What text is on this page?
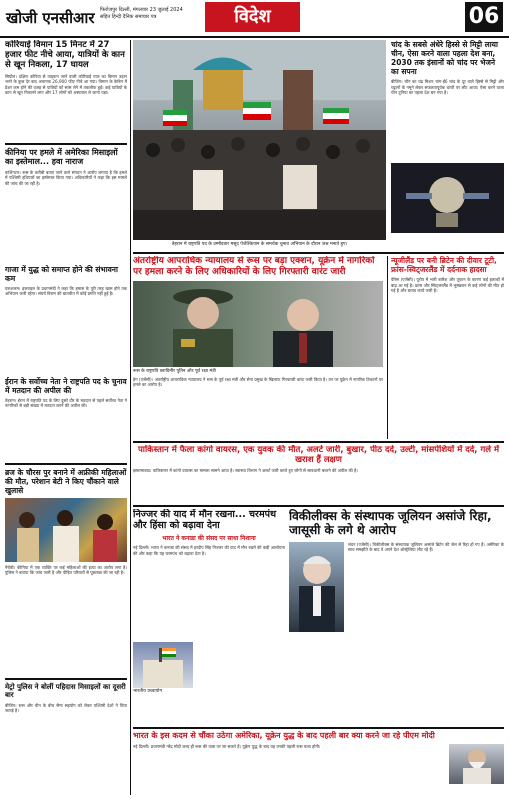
खोजी एनसीआर फिरोजपुर दिल्ली, मंगलवार 23 जुलाई 2024
सहित हिन्दी दैनिक समाचार पत्र	विदेश	06
कोरियाई विमान 15 मिनट में 27 हजार फीट नीचे आया, यात्रियों के कान से खून निकला, 17 घायल
सियोल। दक्षिण कोरिया से ताइवान जाने वाली कोरियाई एयर का विमान उड़ान भरने के कुछ देर बाद अचानक 26,900 फीट नीचे आ गया। विमान के केबिन में प्रेशर कम होने की वजह से यात्रियों को सांस लेने में तकलीफ हुई। कई यात्रियों के कान से खून निकलने लगा और 17 लोगों को अस्पताल ले जाना पड़ा।
कीनिया पर हमले में अमेरिका मिसाइलों का इस्तेमाल... हवा नाराज
वाशिंगटन। रूस के करीबी बताए जाने वाले संगठन ने आरोप लगाया है कि हमले में पश्चिमी हथियारों का इस्तेमाल किया गया। अधिकारियों ने कहा कि इस मामले की जांच की जा रही है।
गाजा में युद्ध को समाप्त होने की संभावना कम
यरूशलम। इजराइल के प्रधानमंत्री ने कहा कि हमास के पूरी तरह खत्म होने तक अभियान जारी रहेगा। संघर्ष विराम की बातचीत में कोई प्रगति नहीं हुई है।
ईरान के सर्वोच्च नेता ने राष्ट्रपति पद के चुनाव में मतदान की अपील की
तेहरान। ईरान में राष्ट्रपति पद के लिए दूसरे दौर के मतदान से पहले सर्वोच्च नेता ने नागरिकों से बड़ी संख्या में मतदान करने की अपील की।
ब्रज के चौरस पुर बनाने में अफ्रीकी महिलाओं की मौत, परेशान बेटी ने किए चौंकाने वाले खुलासे
नैरोबी। कीनिया में एक व्यक्ति पर कई महिलाओं की हत्या का आरोप लगा है। पुलिस ने बताया कि जांच जारी है और पीड़ित परिवारों से पूछताछ की जा रही है।
मेट्रो पुलिस ने बोलीं पहिदास मिसाइलों का दूसरी बार
बीजिंग। रूस और चीन के बीच सैन्य सहयोग को लेकर पश्चिमी देशों ने चिंता जताई है।
तेहरान में राष्ट्रपति पद के उम्मीदवार मसूद पेजेश्कियान के समर्थक चुनाव अभियान के दौरान जश्न मनाते हुए।
चांद के सबसे अंधेरे हिस्से से मिट्टी लाया चीन, ऐसा करने वाला पहला देश बना, 2030 तक इंसानों को चांद पर भेजने का सपना
बीजिंग। चीन का चंद्र मिशन चांग-ई6 चांद के दूर वाले हिस्से से मिट्टी और चट्टानों के नमूने लेकर सफलतापूर्वक धरती पर लौट आया। ऐसा करने वाला चीन दुनिया का पहला देश बन गया है।
अंतर्राष्ट्रीय आपराधिक न्यायालय से रूस पर बड़ा एक्शन, यूक्रेन में नागरिकों पर हमला करने के लिए अधिकारियों के लिए गिरफ्तारी वारंट जारी
रूस के राष्ट्रपति व्लादिमीर पुतिन और पूर्व रक्षा मंत्री
हेग (एजेंसी)। अंतर्राष्ट्रीय आपराधिक न्यायालय ने रूस के पूर्व रक्षा मंत्री और सेना प्रमुख के खिलाफ गिरफ्तारी वारंट जारी किया है। उन पर यूक्रेन में नागरिक ठिकानों पर हमले का आरोप है।
न्यूजीलैंड पर बनी ब्रिटेन की दीवार टूटी, फ्रांस-स्विट्जरलैंड में दर्दनाक हादसा
पेरिस (एजेंसी)। यूरोप में भारी बारिश और तूफान के कारण कई इलाकों में बाढ़ आ गई है। फ्रांस और स्विट्जरलैंड में भूस्खलन से कई लोगों की मौत हो गई है और बचाव कार्य जारी है।
पाकिस्तान में फैला कांगो वायरस, एक युवक की मौत, अलर्ट जारी, बुखार, पीठ दर्द, उल्टी, मांसपेशियों में दर्द, गले में खराश हैं लक्षण
इस्लामाबाद। पाकिस्तान में कांगो वायरस का मामला सामने आया है। स्वास्थ्य विभाग ने अलर्ट जारी करते हुए लोगों से सावधानी बरतने की अपील की है।
निज्जर की याद में मौन रखना... चरमपंथ और हिंसा को बढ़ावा देना
भारत ने कनाडा की संसद पर साधा निशाना
नई दिल्ली। भारत ने कनाडा की संसद में हरदीप सिंह निज्जर की याद में मौन रखने की कड़ी आलोचना की और कहा कि यह चरमपंथ को बढ़ावा देता है।
भारतीय उच्चायोग
विकीलीक्स के संस्थापक जूलियन असांजे रिहा, जासूसी के लगे थे आरोप
लंदन (एजेंसी)। विकीलीक्स के संस्थापक जूलियन असांजे ब्रिटेन की जेल से रिहा हो गए हैं। अमेरिका के साथ समझौते के बाद वे अपने देश ऑस्ट्रेलिया लौट रहे हैं।
भारत के इस कदम से चौंका उठेगा अमेरिका, यूक्रेन युद्ध के बाद पहली बार क्या करने जा रहे पीएम मोदी
नई दिल्ली। प्रधानमंत्री नरेंद्र मोदी जल्द ही रूस की यात्रा पर जा सकते हैं। यूक्रेन युद्ध के बाद यह उनकी पहली रूस यात्रा होगी।
